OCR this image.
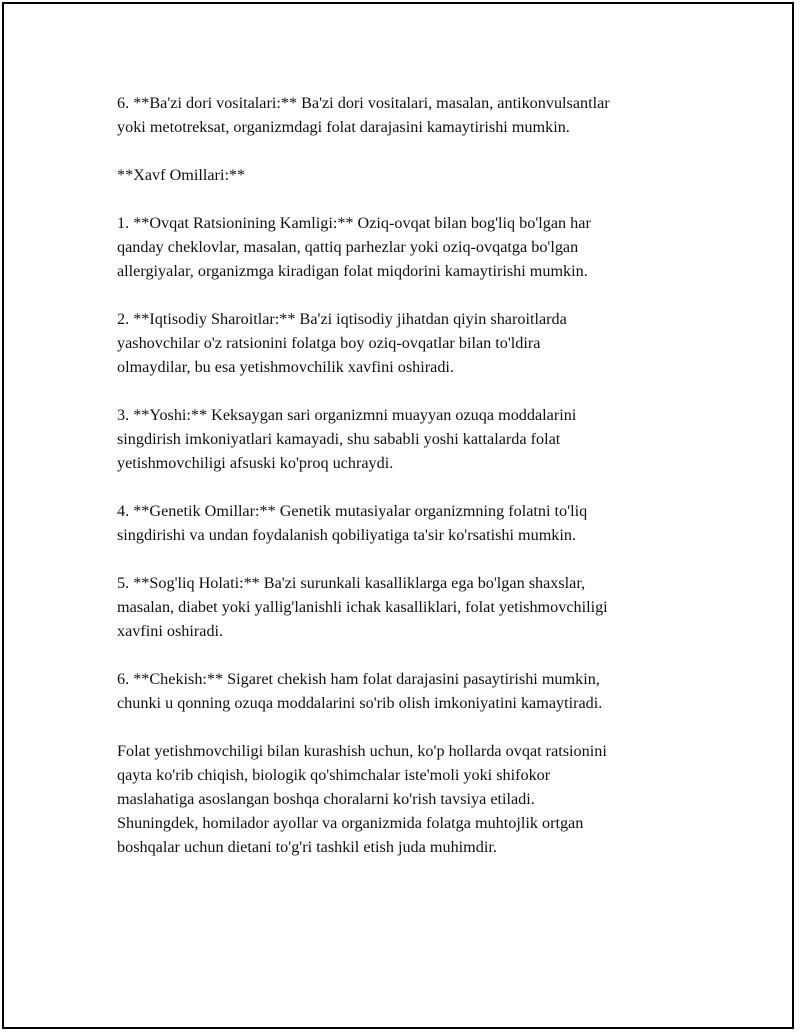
6. **Ba'zi dori vositalari:** Ba'zi dori vositalari, masalan, antikonvulsantlar
yoki metotreksat, organizmdagi folat darajasini kamaytirishi mumkin.

**Xavf Omillari:**

1. **Ovqat Ratsionining Kamligi:** Oziq-ovqat bilan bog'liq bo'lgan har
qanday cheklovlar, masalan, qattiq parhezlar yoki oziq-ovqatga bo'lgan
allergiyalar, organizmga kiradigan folat miqdorini kamaytirishi mumkin.

2. **Iqtisodiy Sharoitlar:** Ba'zi iqtisodiy jihatdan qiyin sharoitlarda
yashovchilar o'z ratsionini folatga boy oziq-ovqatlar bilan to'ldira
olmaydilar, bu esa yetishmovchilik xavfini oshiradi.

3. **Yoshi:** Keksaygan sari organizmni muayyan ozuqa moddalarini
singdirish imkoniyatlari kamayadi, shu sababli yoshi kattalarda folat
yetishmovchiligi afsuski ko'proq uchraydi.

4. **Genetik Omillar:** Genetik mutasiyalar organizmning folatni to'liq
singdirishi va undan foydalanish qobiliyatiga ta'sir ko'rsatishi mumkin.

5. **Sog'liq Holati:** Ba'zi surunkali kasalliklarga ega bo'lgan shaxslar,
masalan, diabet yoki yallig'lanishli ichak kasalliklari, folat yetishmovchiligi
xavfini oshiradi.

6. **Chekish:** Sigaret chekish ham folat darajasini pasaytirishi mumkin,
chunki u qonning ozuqa moddalarini so'rib olish imkoniyatini kamaytiradi.

Folat yetishmovchiligi bilan kurashish uchun, ko'p hollarda ovqat ratsionini
qayta ko'rib chiqish, biologik qo'shimchalar iste'moli yoki shifokor
maslahatiga asoslangan boshqa choralarni ko'rish tavsiya etiladi.
Shuningdek, homilador ayollar va organizmida folatga muhtojlik ortgan
boshqalar uchun dietani to'g'ri tashkil etish juda muhimdir.
